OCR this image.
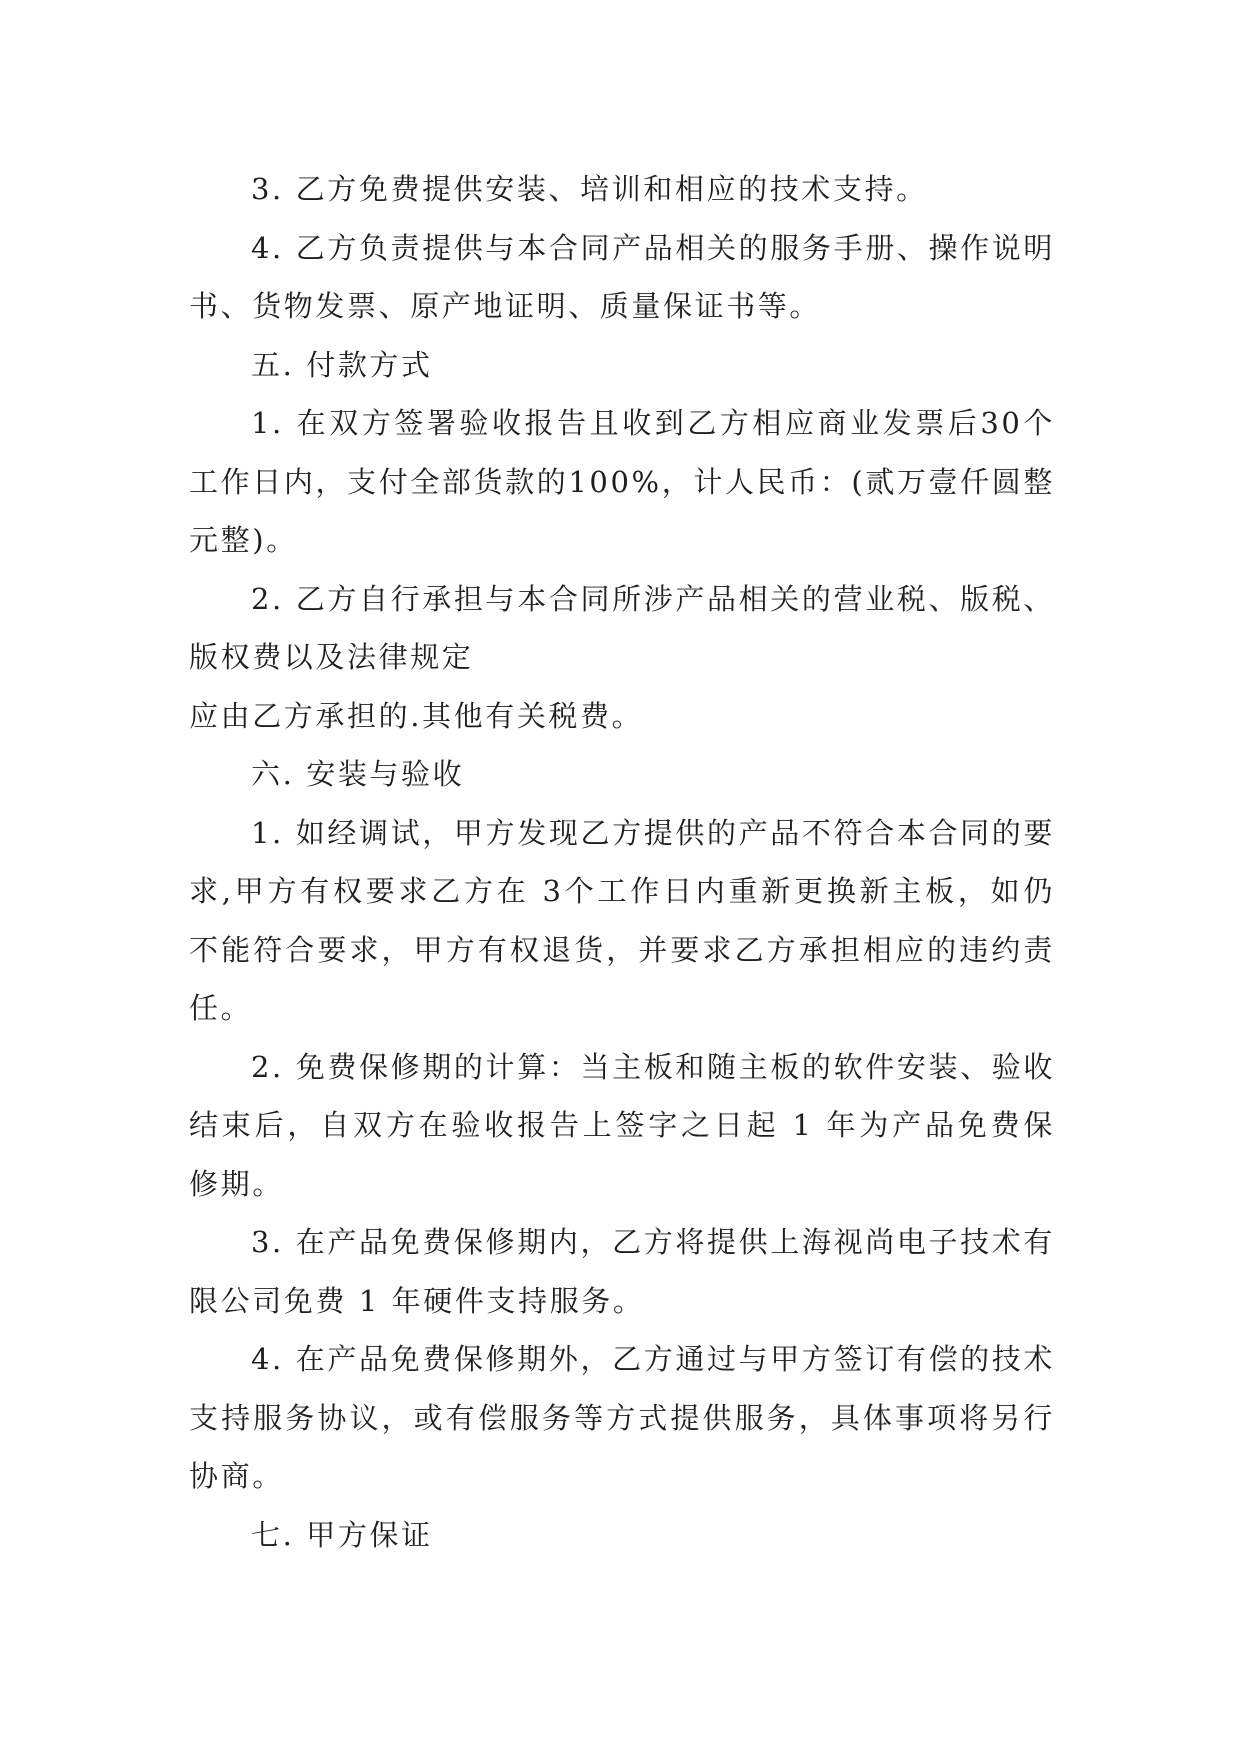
3. 乙方免费提供安装、培训和相应的技术支持。

4. 乙方负责提供与本合同产品相关的服务手册、操作说明书、货物发票、原产地证明、质量保证书等。

五. 付款方式

1. 在双方签署验收报告且收到乙方相应商业发票后30个工作日内，支付全部货款的100%，计人民币：(贰万壹仟圆整元整)。

2. 乙方自行承担与本合同所涉产品相关的营业税、版税、版权费以及法律规定

应由乙方承担的.其他有关税费。

六. 安装与验收

1. 如经调试，甲方发现乙方提供的产品不符合本合同的要求,甲方有权要求乙方在 3个工作日内重新更换新主板，如仍不能符合要求，甲方有权退货，并要求乙方承担相应的违约责任。

2. 免费保修期的计算：当主板和随主板的软件安装、验收结束后，自双方在验收报告上签字之日起 1 年为产品免费保修期。

3. 在产品免费保修期内，乙方将提供上海视尚电子技术有限公司免费 1 年硬件支持服务。

4. 在产品免费保修期外，乙方通过与甲方签订有偿的技术支持服务协议，或有偿服务等方式提供服务，具体事项将另行协商。

七. 甲方保证
